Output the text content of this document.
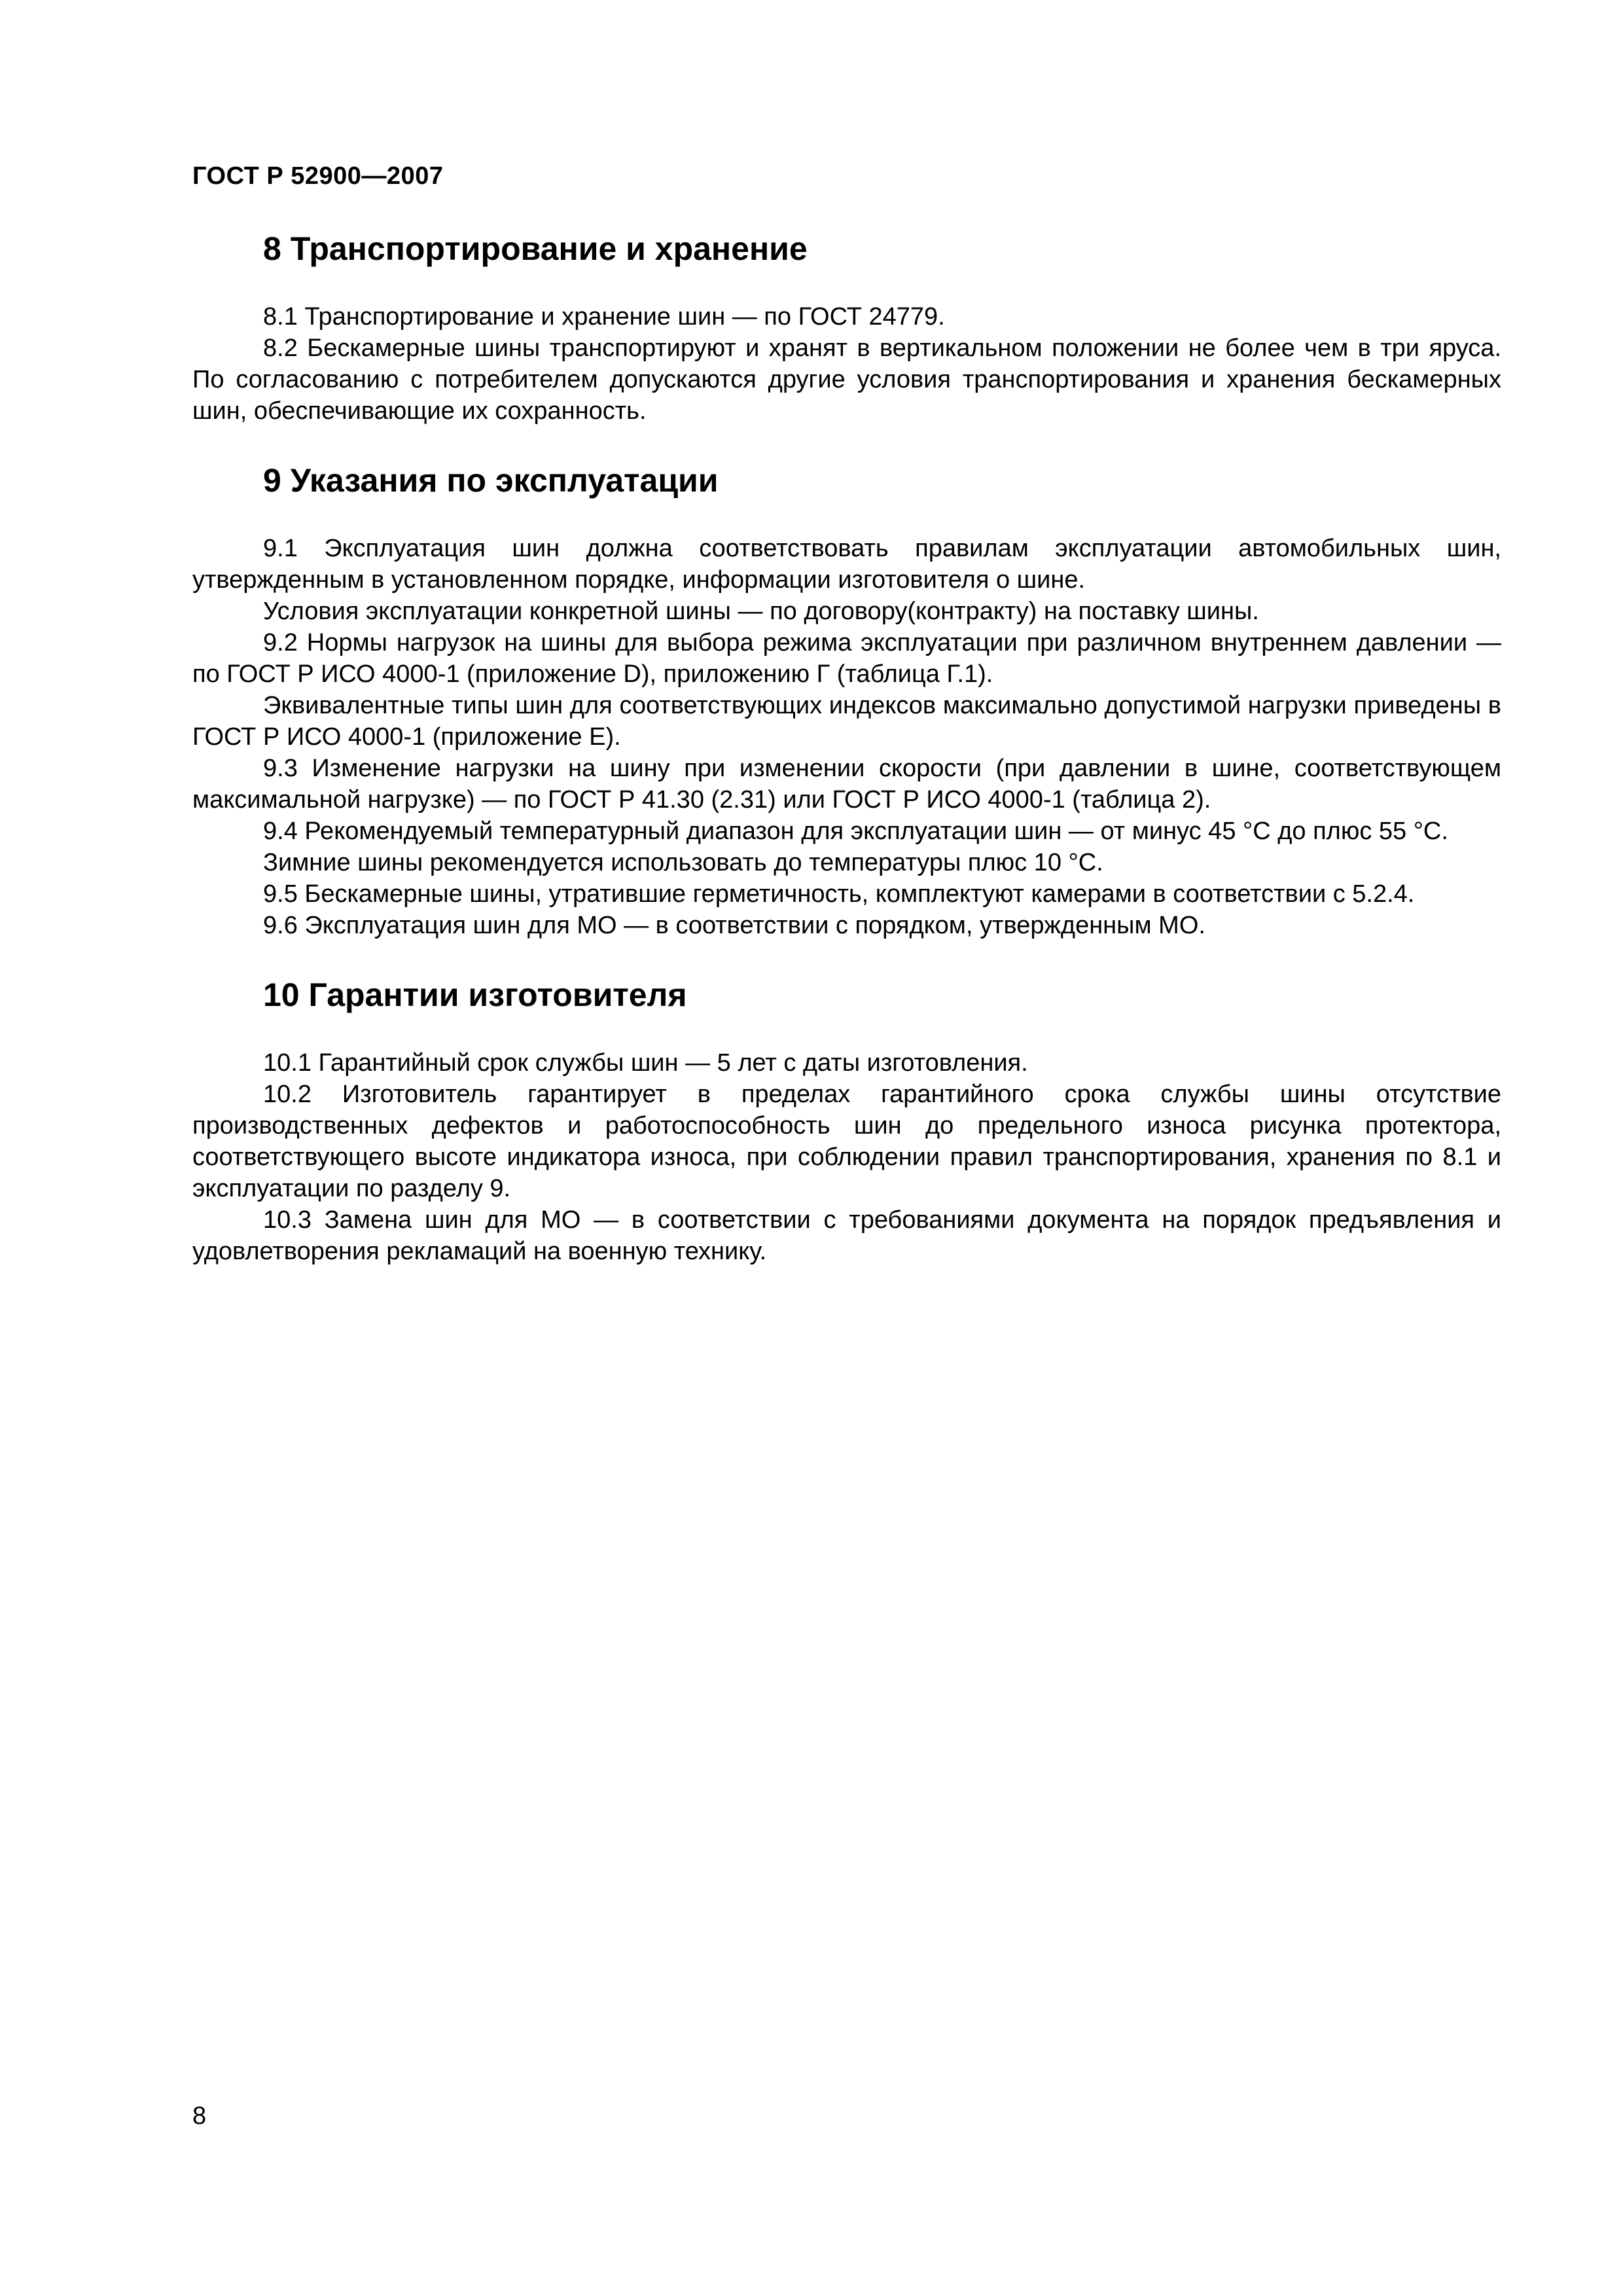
ГОСТ Р 52900—2007
8 Транспортирование и хранение

8.1 Транспортирование и хранение шин — по ГОСТ 24779.

8.2 Бескамерные шины транспортируют и хранят в вертикальном положении не более чем в три яруса. По согласованию с потребителем допускаются другие условия транспортирования и хранения бескамерных шин, обеспечивающие их сохранность.

9 Указания по эксплуатации

9.1 Эксплуатация шин должна соответствовать правилам эксплуатации автомобильных шин, утвержденным в установленном порядке, информации изготовителя о шине.

Условия эксплуатации конкретной шины — по договору(контракту) на поставку шины.

9.2 Нормы нагрузок на шины для выбора режима эксплуатации при различном внутреннем давлении — по ГОСТ Р ИСО 4000-1 (приложение D), приложению Г (таблица Г.1).

Эквивалентные типы шин для соответствующих индексов максимально допустимой нагрузки приведены в ГОСТ Р ИСО 4000-1 (приложение Е).

9.3 Изменение нагрузки на шину при изменении скорости (при давлении в шине, соответствующем максимальной нагрузке) — по ГОСТ Р 41.30 (2.31) или ГОСТ Р ИСО 4000-1 (таблица 2).

9.4 Рекомендуемый температурный диапазон для эксплуатации шин — от минус 45 °С до плюс 55 °С.

Зимние шины рекомендуется использовать до температуры плюс 10 °С.

9.5 Бескамерные шины, утратившие герметичность, комплектуют камерами в соответствии с 5.2.4.

9.6 Эксплуатация шин для МО — в соответствии с порядком, утвержденным МО.

10 Гарантии изготовителя

10.1 Гарантийный срок службы шин — 5 лет с даты изготовления.

10.2 Изготовитель гарантирует в пределах гарантийного срока службы шины отсутствие производственных дефектов и работоспособность шин до предельного износа рисунка протектора, соответствующего высоте индикатора износа, при соблюдении правил транспортирования, хранения по 8.1 и эксплуатации по разделу 9.

10.3 Замена шин для МО — в соответствии с требованиями документа на порядок предъявления и удовлетворения рекламаций на военную технику.

8
